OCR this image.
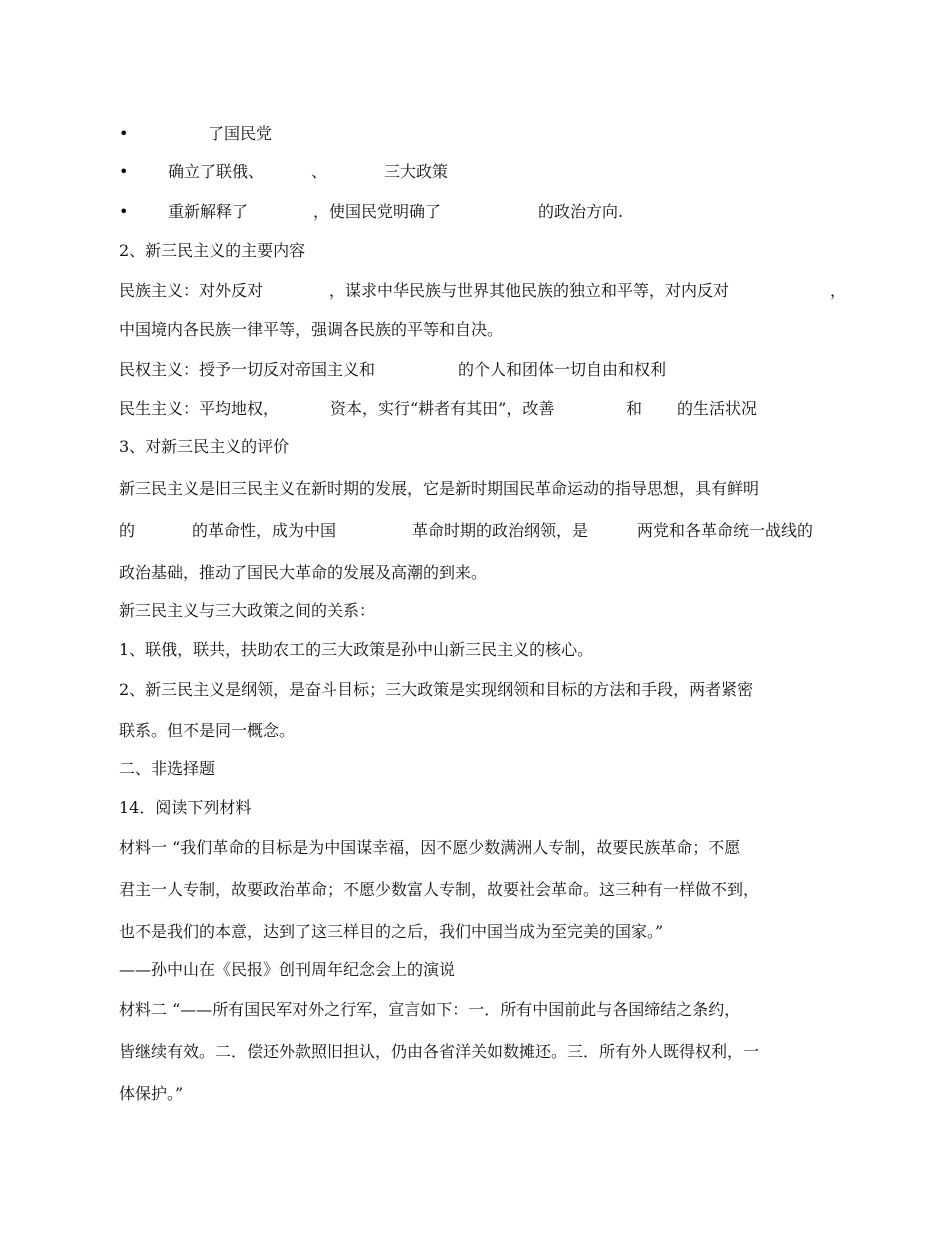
•

	了国民党

•

确立了联俄、

	、

	三大政策

•

重新解释了

	，使国民党明确了

	的政治方向.

2、新三民主义的主要内容

民族主义：对外反对

	，谋求中华民族与世界其他民族的独立和平等，对内反对

	，

中国境内各民族一律平等，强调各民族的平等和自决。

民权主义：授予一切反对帝国主义和

	的个人和团体一切自由和权利

民生主义：平均地权，

	资本，实行“耕者有其田”，改善

	和

的生活状况

3、对新三民主义的评价
新三民主义是旧三民主义在新时期的发展，它是新时期国民革命运动的指导思想，具有鲜明

的

	的革命性，成为中国

	革命时期的政治纲领，是

	两党和各革命统一战线的

政治基础，推动了国民大革命的发展及高潮的到来。
新三民主义与三大政策之间的关系：
1、联俄，联共，扶助农工的三大政策是孙中山新三民主义的核心。
2、新三民主义是纲领，是奋斗目标；三大政策是实现纲领和目标的方法和手段，两者紧密
联系。但不是同一概念。
二、非选择题
14．阅读下列材料
材料一 “我们革命的目标是为中国谋幸福，因不愿少数满洲人专制，故要民族革命；不愿
君主一人专制，故要政治革命；不愿少数富人专制，故要社会革命。这三种有一样做不到，
也不是我们的本意，达到了这三样目的之后，我们中国当成为至完美的国家。”
——孙中山在《民报》创刊周年纪念会上的演说
材料二 “——所有国民军对外之行军，宣言如下：一．所有中国前此与各国缔结之条约，
皆继续有效。二．偿还外款照旧担认，仍由各省洋关如数摊还。三．所有外人既得权利，一
体保护。”
